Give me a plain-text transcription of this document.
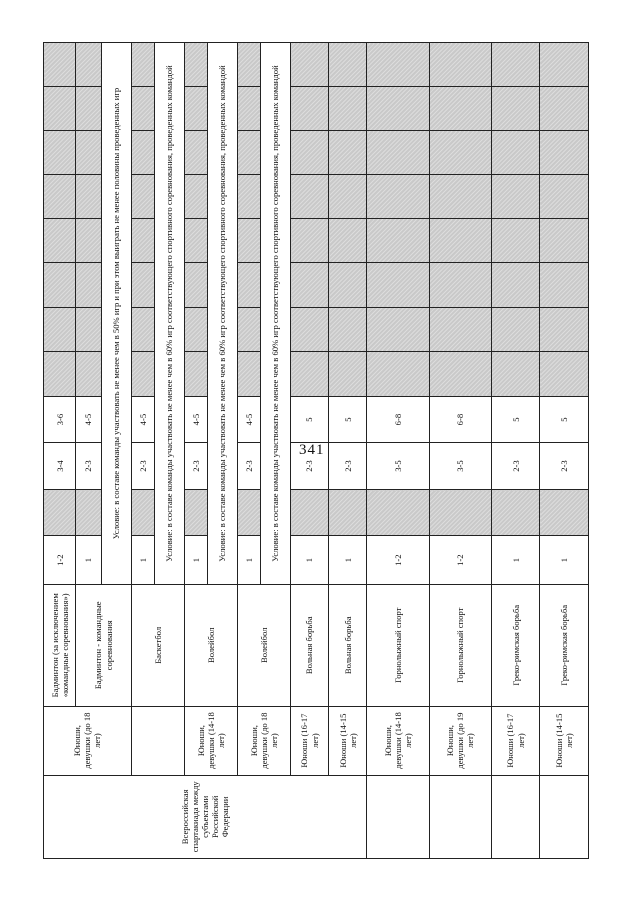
341
Всероссийская спартакиада между субъектами Российской Федерации	Юноши, девушки (до 18 лет)	Бадминтон (за исключением «командные соревнования»)	1-2		3-4	3-6								
		Бадминтон - командные соревнования	1		2-3	4-5								
			Условие: в составе команды участвовать не менее чем в 50% игр и при этом выиграть не менее половины проведенных игр											
		Баскетбол	1		2-3	4-5								
			Условие: в составе команды участвовать не менее чем в 60% игр соответствующего спортивного соревнования, проведенных командой											
	Юноши, девушки (14-18 лет)	Волейбол	1		2-3	4-5								
			Условие: в составе команды участвовать не менее чем в 60% игр соответствующего спортивного соревнования, проведенных командой											
	Юноши, девушки (до 18 лет)	Волейбол	1		2-3	4-5								
			Условие: в составе команды участвовать не менее чем в 60% игр соответствующего спортивного соревнования, проведенных командой											
	Юноши (16-17 лет)	Вольная борьба	1		2-3	5								
	Юноши (14-15 лет)	Вольная борьба	1		2-3	5								
	Юноши, девушки (14-18 лет)	Горнолыжный спорт	1-2		3-5	6-8								
	Юноши, девушки (до 19 лет)	Горнолыжный спорт	1-2		3-5	6-8								
	Юноши (16-17 лет)	Греко-римская борьба	1		2-3	5								
	Юноши (14-15 лет)	Греко-римская борьба	1		2-3	5								
